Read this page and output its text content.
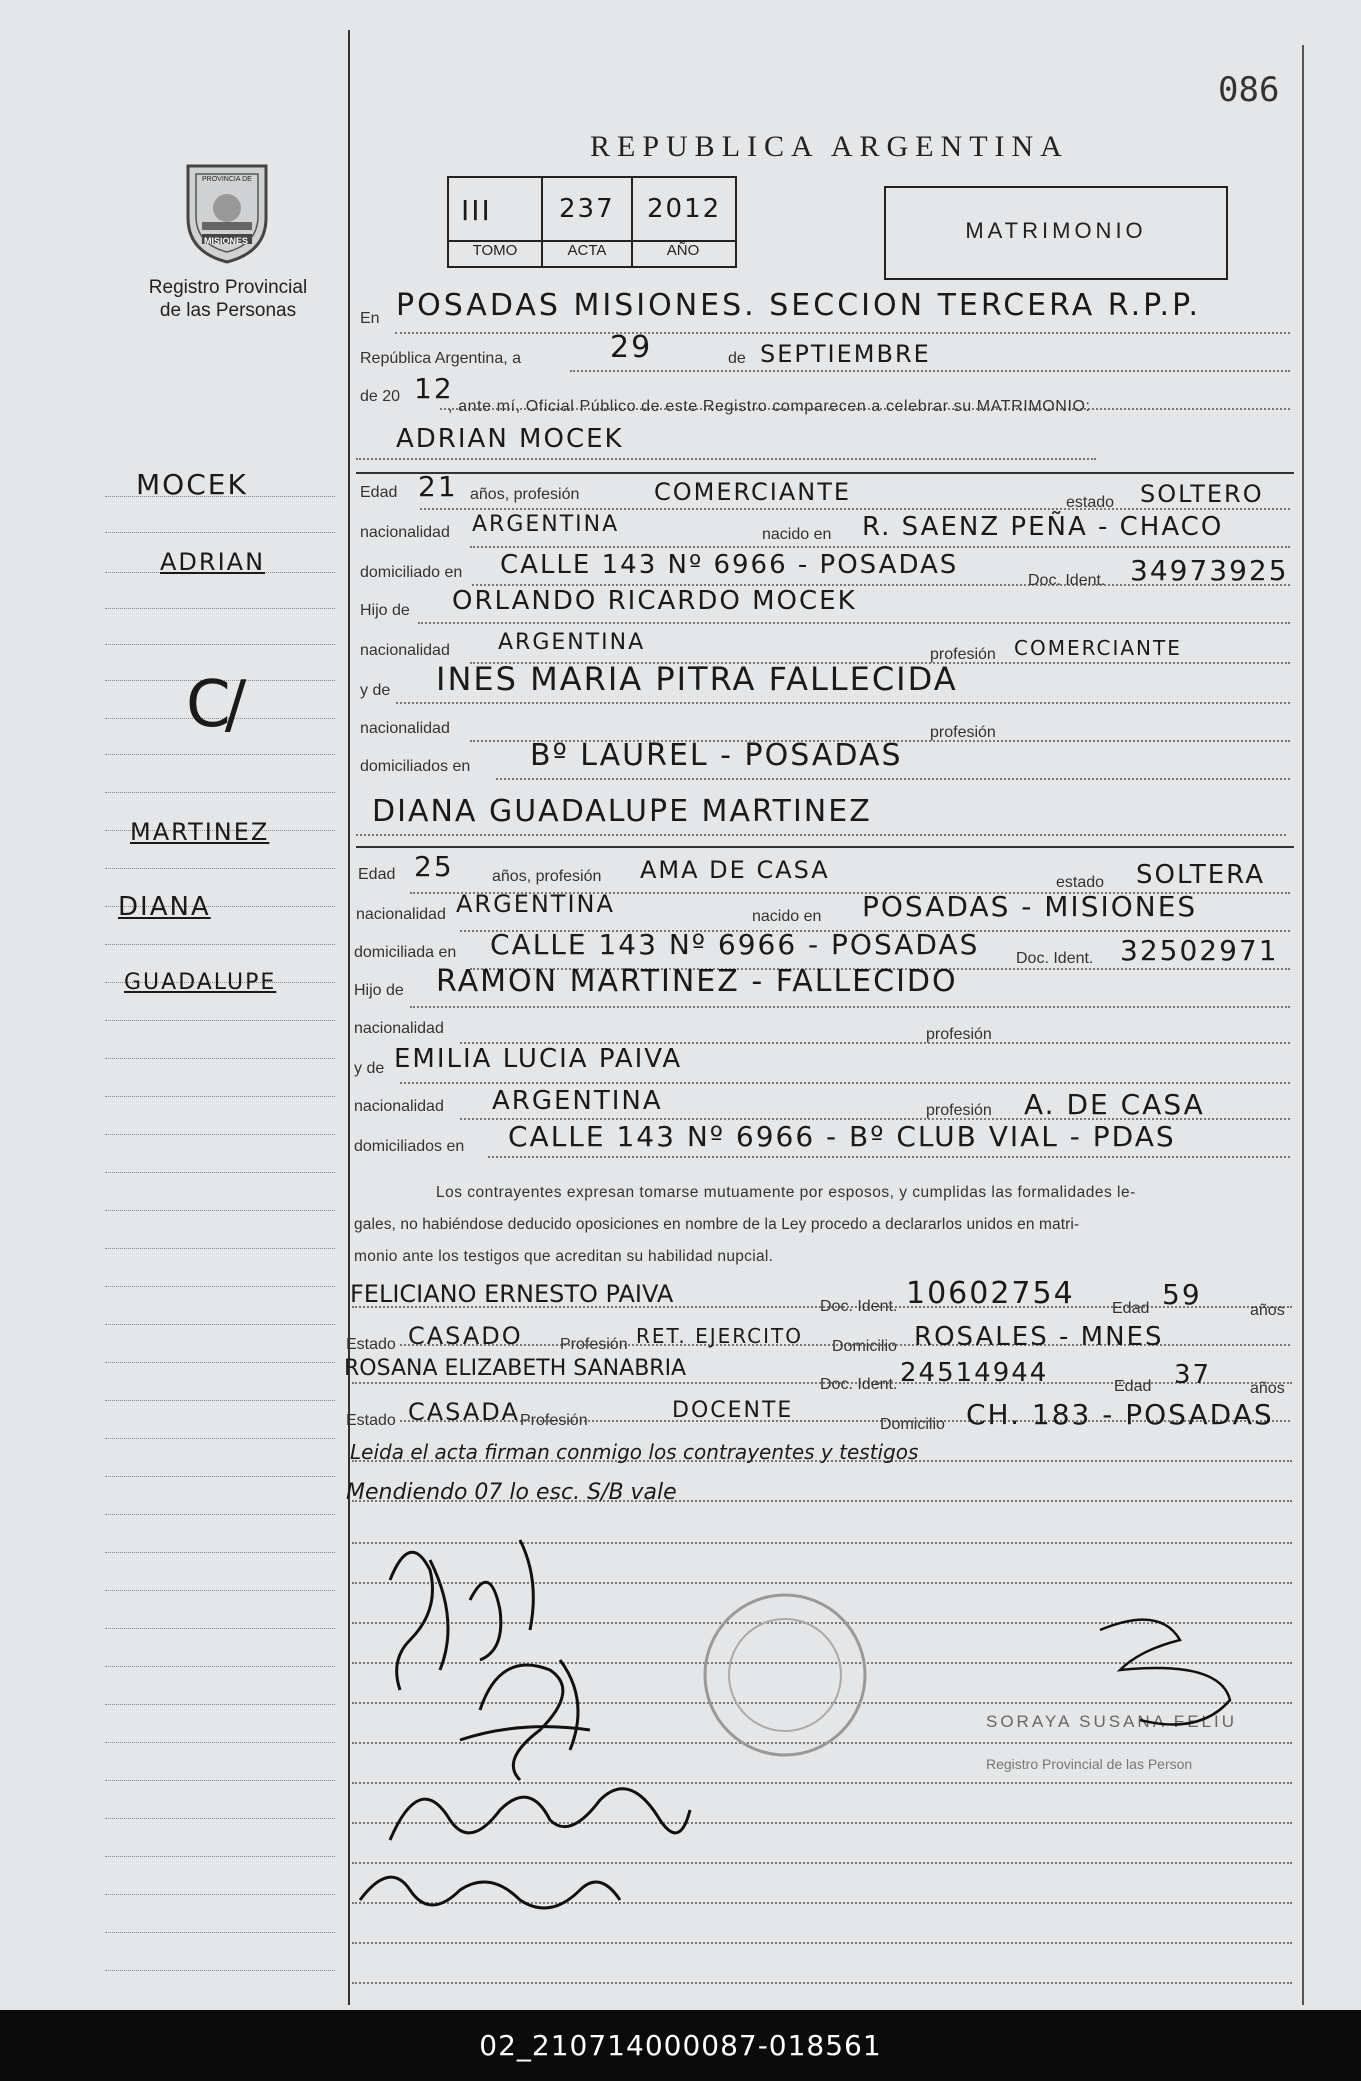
086
PROVINCIA DE
MISIONES
Registro Provincial
de las Personas
REPUBLICA ARGENTINA
III	237 2012
TOMO	ACTA	AÑO
MATRIMONIO
MOCEK
ADRIAN
C/
MARTINEZ
DIANA
GUADALUPE
En POSADAS MISIONES. SECCION TERCERA R.P.P.
República Argentina, a	29	de SEPTIEMBRE
de 20 12
, ante mí, Oficial Público de este Registro comparecen a celebrar su MATRIMONIO:
ADRIAN MOCEK
Edad 21 años, profesión	COMERCIANTE	estado SOLTERO
nacionalidad ARGENTINA	nacido en R. SAENZ PEÑA - CHACO
domiciliado en CALLE 143 Nº 6966 - POSADAS
Doc. Ident. 34973925
Hijo de ORLANDO RICARDO MOCEK
nacionalidad ARGENTINA	profesión COMERCIANTE
y de INES MARIA PITRA FALLECIDA
nacionalidad	profesión
domiciliados en Bº LAUREL - POSADAS
DIANA GUADALUPE MARTINEZ
Edad 25 años, profesión AMA DE CASA	estado SOLTERA
nacionalidad ARGENTINA	nacido en POSADAS - MISIONES
domiciliada en CALLE 143 Nº 6966 - POSADAS Doc. Ident. 32502971
Hijo de RAMON MARTINEZ - FALLECIDO
nacionalidad	profesión
y de EMILIA LUCIA PAIVA
nacionalidad ARGENTINA	profesión A. DE CASA
domiciliados en CALLE 143 Nº 6966 - Bº CLUB VIAL - PDAS
Los contrayentes expresan tomarse mutuamente por esposos, y cumplidas las formalidades le-
gales, no habiéndose deducido oposiciones en nombre de la Ley procedo a declararlos unidos en matri-
monio ante los testigos que acreditan su habilidad nupcial.
FELICIANO ERNESTO PAIVA	Doc. Ident. 10602754 Edad 59	años
Estado CASADO Profesión RET. EJERCITO Domicilio ROSALES - MNES
ROSANA ELIZABETH SANABRIA
Doc. Ident. 24514944	Edad 37 años
Estado CASADA Profesión	DOCENTE
Domicilio CH. 183 - POSADAS
Leida el acta firman conmigo los contrayentes y testigos
Mendiendo 07 lo esc. S/B vale
SORAYA SUSANA FELIU
Registro Provincial de las Person
02_210714000087-018561
